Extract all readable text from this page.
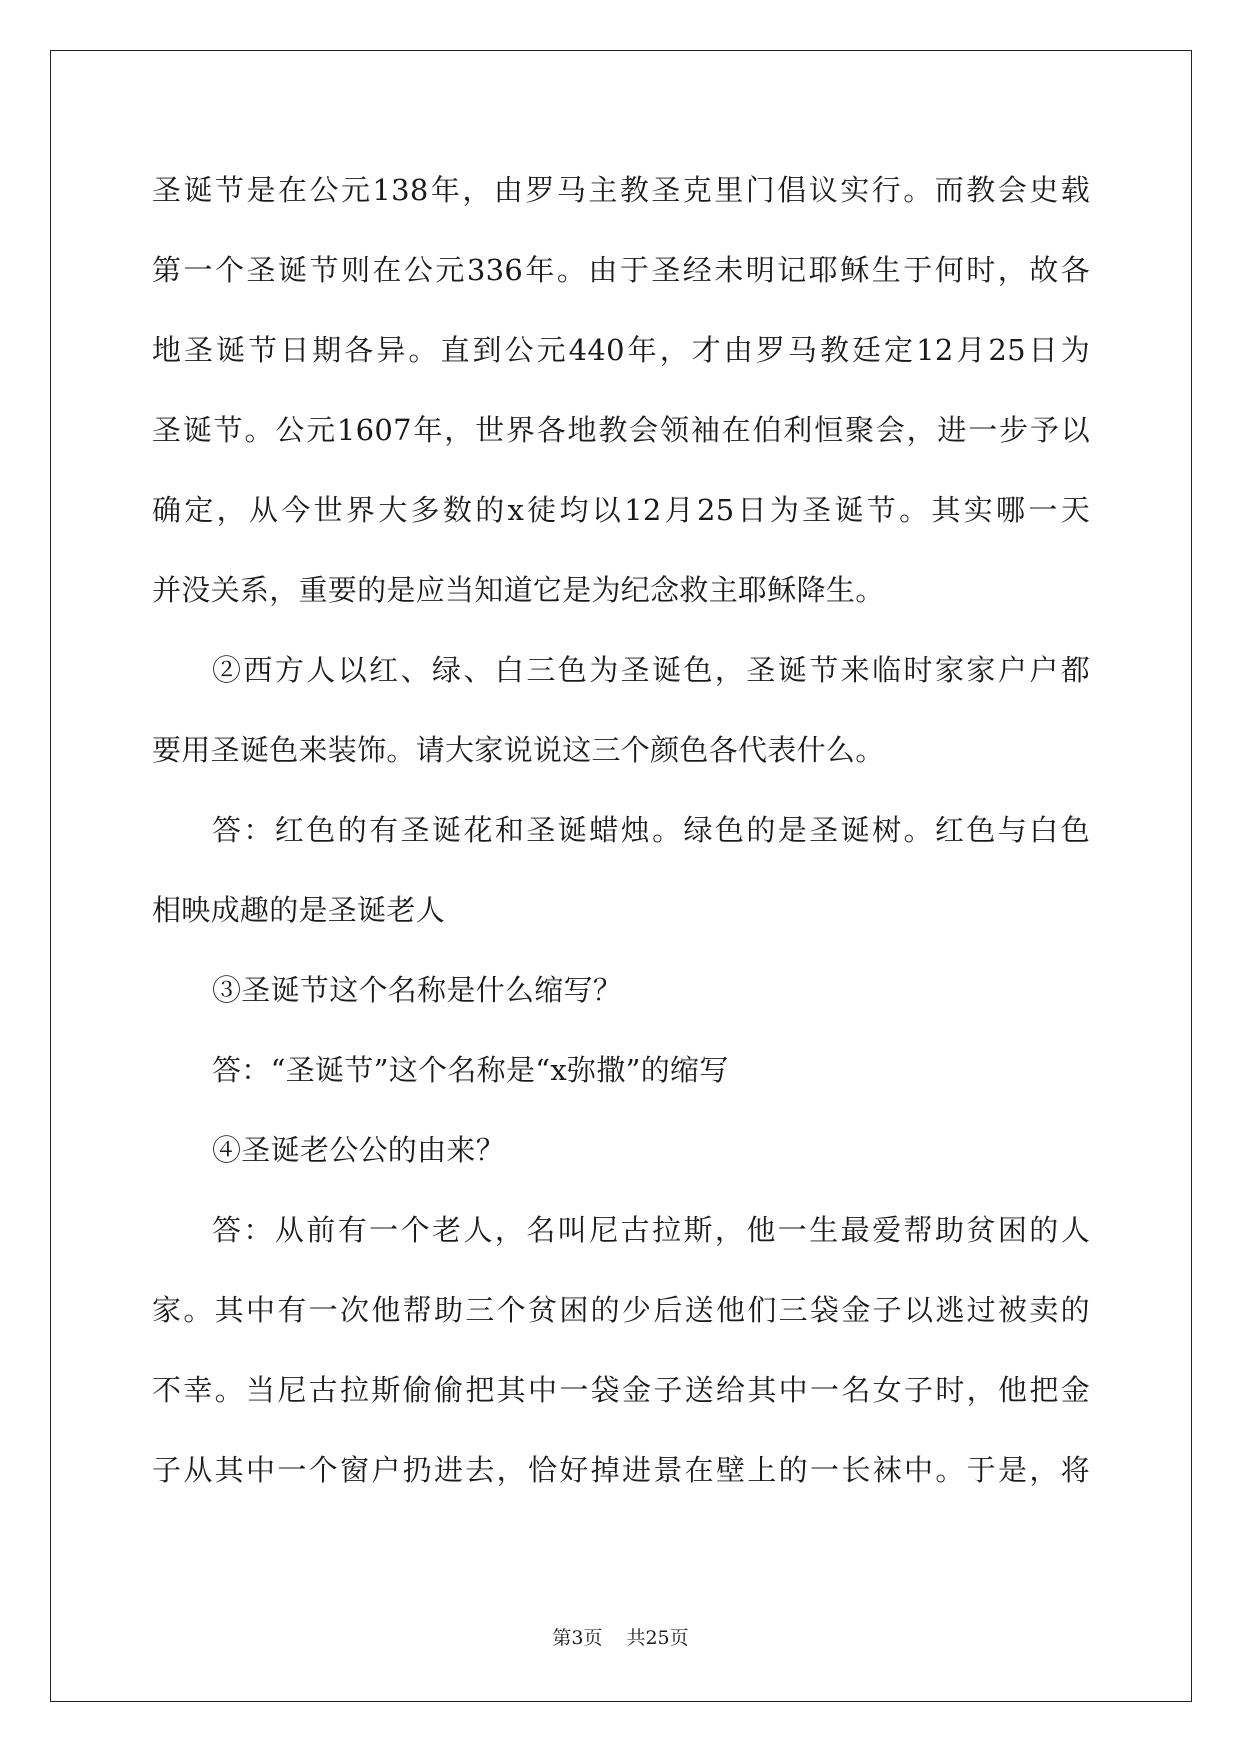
圣诞节是在公元138年，由罗马主教圣克里门倡议实行。而教会史载
第一个圣诞节则在公元336年。由于圣经未明记耶稣生于何时，故各
地圣诞节日期各异。直到公元440年，才由罗马教廷定12月25日为
圣诞节。公元1607年，世界各地教会领袖在伯利恒聚会，进一步予以
确定，从今世界大多数的x徒均以12月25日为圣诞节。其实哪一天
并没关系，重要的是应当知道它是为纪念救主耶稣降生。
②西方人以红、绿、白三色为圣诞色，圣诞节来临时家家户户都
要用圣诞色来装饰。请大家说说这三个颜色各代表什么。
答：红色的有圣诞花和圣诞蜡烛。绿色的是圣诞树。红色与白色
相映成趣的是圣诞老人
③圣诞节这个名称是什么缩写？
答：“圣诞节”这个名称是“x弥撒”的缩写
④圣诞老公公的由来？
答：从前有一个老人，名叫尼古拉斯，他一生最爱帮助贫困的人
家。其中有一次他帮助三个贫困的少后送他们三袋金子以逃过被卖的
不幸。当尼古拉斯偷偷把其中一袋金子送给其中一名女子时，他把金
子从其中一个窗户扔进去，恰好掉进景在壁上的一长袜中。于是，将
第3页 共25页
